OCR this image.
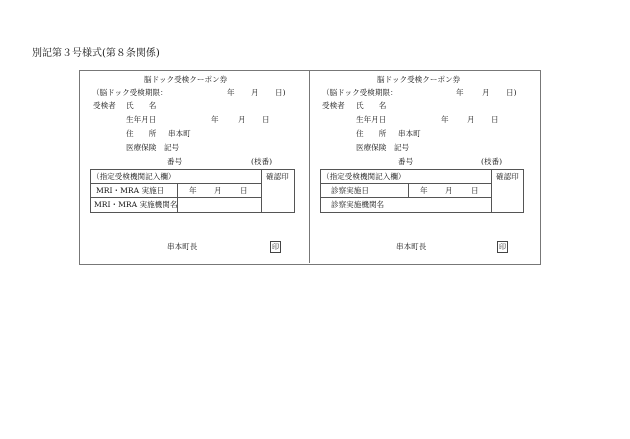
別記第３号様式(第８条関係)
脳ドック受検クーポン券
（脳ドック受検期限：	年 月 日)
受検者 氏　　名
生年月日	年	月 日
住　　所 串本町
医療保険　記号
番号	(枝番)
（指定受検機関記入欄）	確認印
MRI・MRA 実施日	年 月 日
MRI・MRA 実施機関名
串本町長	印
脳ドック受検クーポン券
（脳ドック受検期限：	年 月 日)
受検者 氏　　名
生年月日	年 月 日
住　　所 串本町
医療保険　記号
番号	(枝番)
（指定受検機関記入欄）	確認印
診察実施日	年 月 日
診察実施機関名
串本町長	印
